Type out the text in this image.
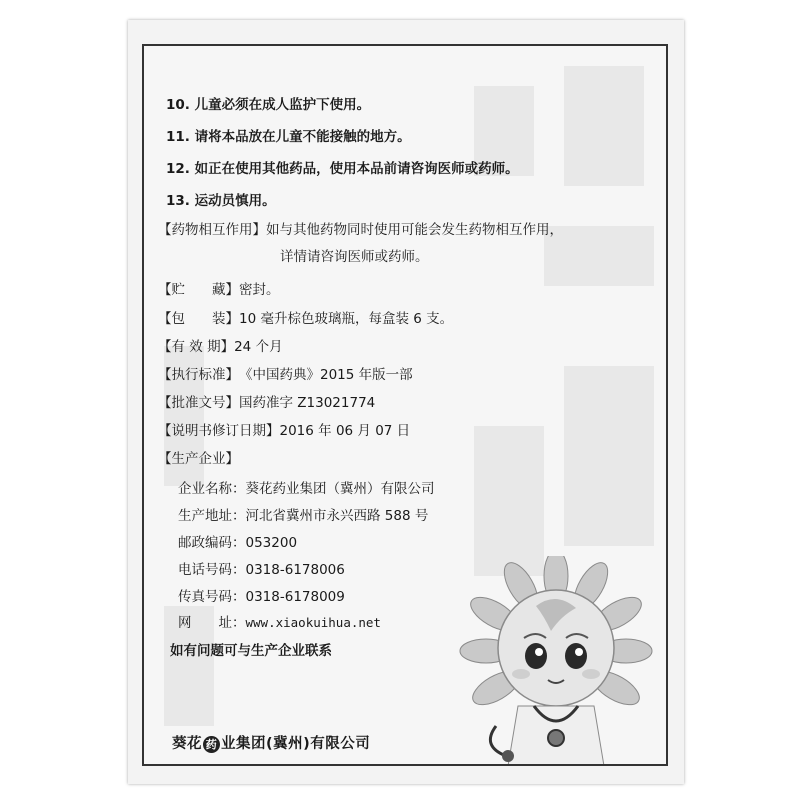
10. 儿童必须在成人监护下使用。
11. 请将本品放在儿童不能接触的地方。
12. 如正在使用其他药品，使用本品前请咨询医师或药师。
13. 运动员慎用。
【药物相互作用】如与其他药物同时使用可能会发生药物相互作用，
详情请咨询医师或药师。
【贮　　藏】密封。
【包　　装】10 毫升棕色玻璃瓶，每盒装 6 支。
【有 效 期】24 个月
【执行标准】《中国药典》2015 年版一部
【批准文号】国药准字 Z13021774
【说明书修订日期】2016 年 06 月 07 日
【生产企业】
企业名称：葵花药业集团（冀州）有限公司
生产地址：河北省冀州市永兴西路 588 号
邮政编码：053200
电话号码：0318-6178006
传真号码：0318-6178009
网　　址：www.xiaokuihua.net
如有问题可与生产企业联系
葵花 药 业集团(冀州)有限公司
